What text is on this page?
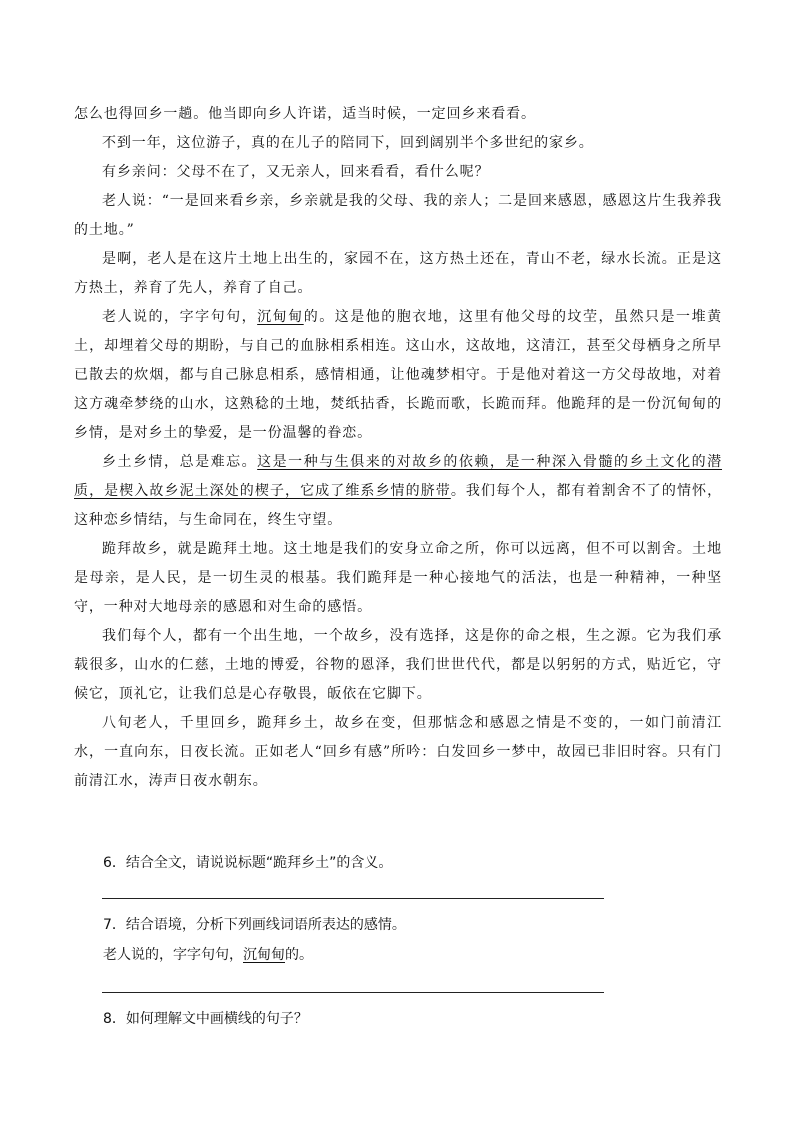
怎么也得回乡一趟。他当即向乡人许诺，适当时候，一定回乡来看看。

不到一年，这位游子，真的在儿子的陪同下，回到阔别半个多世纪的家乡。

有乡亲问：父母不在了，又无亲人，回来看看，看什么呢？

老人说：“一是回来看乡亲，乡亲就是我的父母、我的亲人；二是回来感恩，感恩这片生我养我的土地。”

是啊，老人是在这片土地上出生的，家园不在，这方热土还在，青山不老，绿水长流。正是这方热土，养育了先人，养育了自己。

老人说的，字字句句，沉甸甸的。这是他的胞衣地，这里有他父母的坟茔，虽然只是一堆黄土，却埋着父母的期盼，与自己的血脉相系相连。这山水，这故地，这清江，甚至父母栖身之所早已散去的炊烟，都与自己脉息相系，感情相通，让他魂梦相守。于是他对着这一方父母故地，对着这方魂牵梦绕的山水，这熟稔的土地，焚纸拈香，长跪而歌，长跪而拜。他跪拜的是一份沉甸甸的乡情，是对乡土的挚爱，是一份温馨的眷恋。

乡土乡情，总是难忘。这是一种与生俱来的对故乡的依赖，是一种深入骨髓的乡土文化的潜质，是楔入故乡泥土深处的楔子，它成了维系乡情的脐带。我们每个人，都有着割舍不了的情怀，这种恋乡情结，与生命同在，终生守望。

跪拜故乡，就是跪拜土地。这土地是我们的安身立命之所，你可以远离，但不可以割舍。土地是母亲，是人民，是一切生灵的根基。我们跪拜是一种心接地气的活法，也是一种精神，一种坚守，一种对大地母亲的感恩和对生命的感悟。

我们每个人，都有一个出生地，一个故乡，没有选择，这是你的命之根，生之源。它为我们承载很多，山水的仁慈，土地的博爱，谷物的恩泽，我们世世代代，都是以躬躬的方式，贴近它，守候它，顶礼它，让我们总是心存敬畏，皈依在它脚下。

八旬老人，千里回乡，跪拜乡土，故乡在变，但那惦念和感恩之情是不变的，一如门前清江水，一直向东，日夜长流。正如老人“回乡有感”所吟：白发回乡一梦中，故园已非旧时容。只有门前清江水，涛声日夜水朝东。

6．结合全文，请说说标题“跪拜乡土”的含义。
7．结合语境，分析下列画线词语所表达的感情。
老人说的，字字句句，沉甸甸的。
8．如何理解文中画横线的句子？
